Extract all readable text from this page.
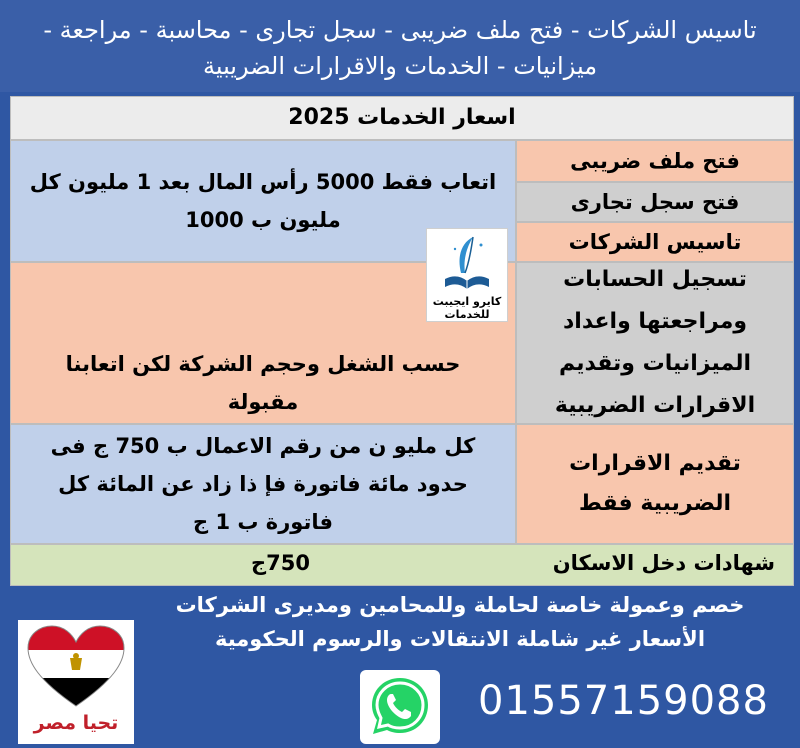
تاسيس الشركات - فتح ملف ضريبى - سجل تجارى - محاسبة - مراجعة -
ميزانيات - الخدمات والاقرارات الضريبية
اسعار الخدمات 2025
اتعاب فقط 5000 رأس المال بعد 1 مليون كل مليون ب 1000
فتح ملف ضريبى
فتح سجل تجارى
تاسيس الشركات
حسب الشغل وحجم الشركة لكن اتعابنا مقبولة
تسجيل الحسابات ومراجعتها واعداد الميزانيات وتقديم الاقرارات الضريبية
كايرو ايجيبت للخدمات
كل مليو ن من رقم الاعمال ب 750 ج فى حدود مائة فاتورة فإ ذا زاد عن المائة كل فاتورة ب 1 ج
تقديم الاقرارات الضريبية فقط
شهادات دخل الاسكان
750ج
خصم وعمولة خاصة لحاملة وللمحامين ومديرى الشركات
الأسعار غير شاملة الانتقالات والرسوم الحكومية
تحيا مصر	01557159088
